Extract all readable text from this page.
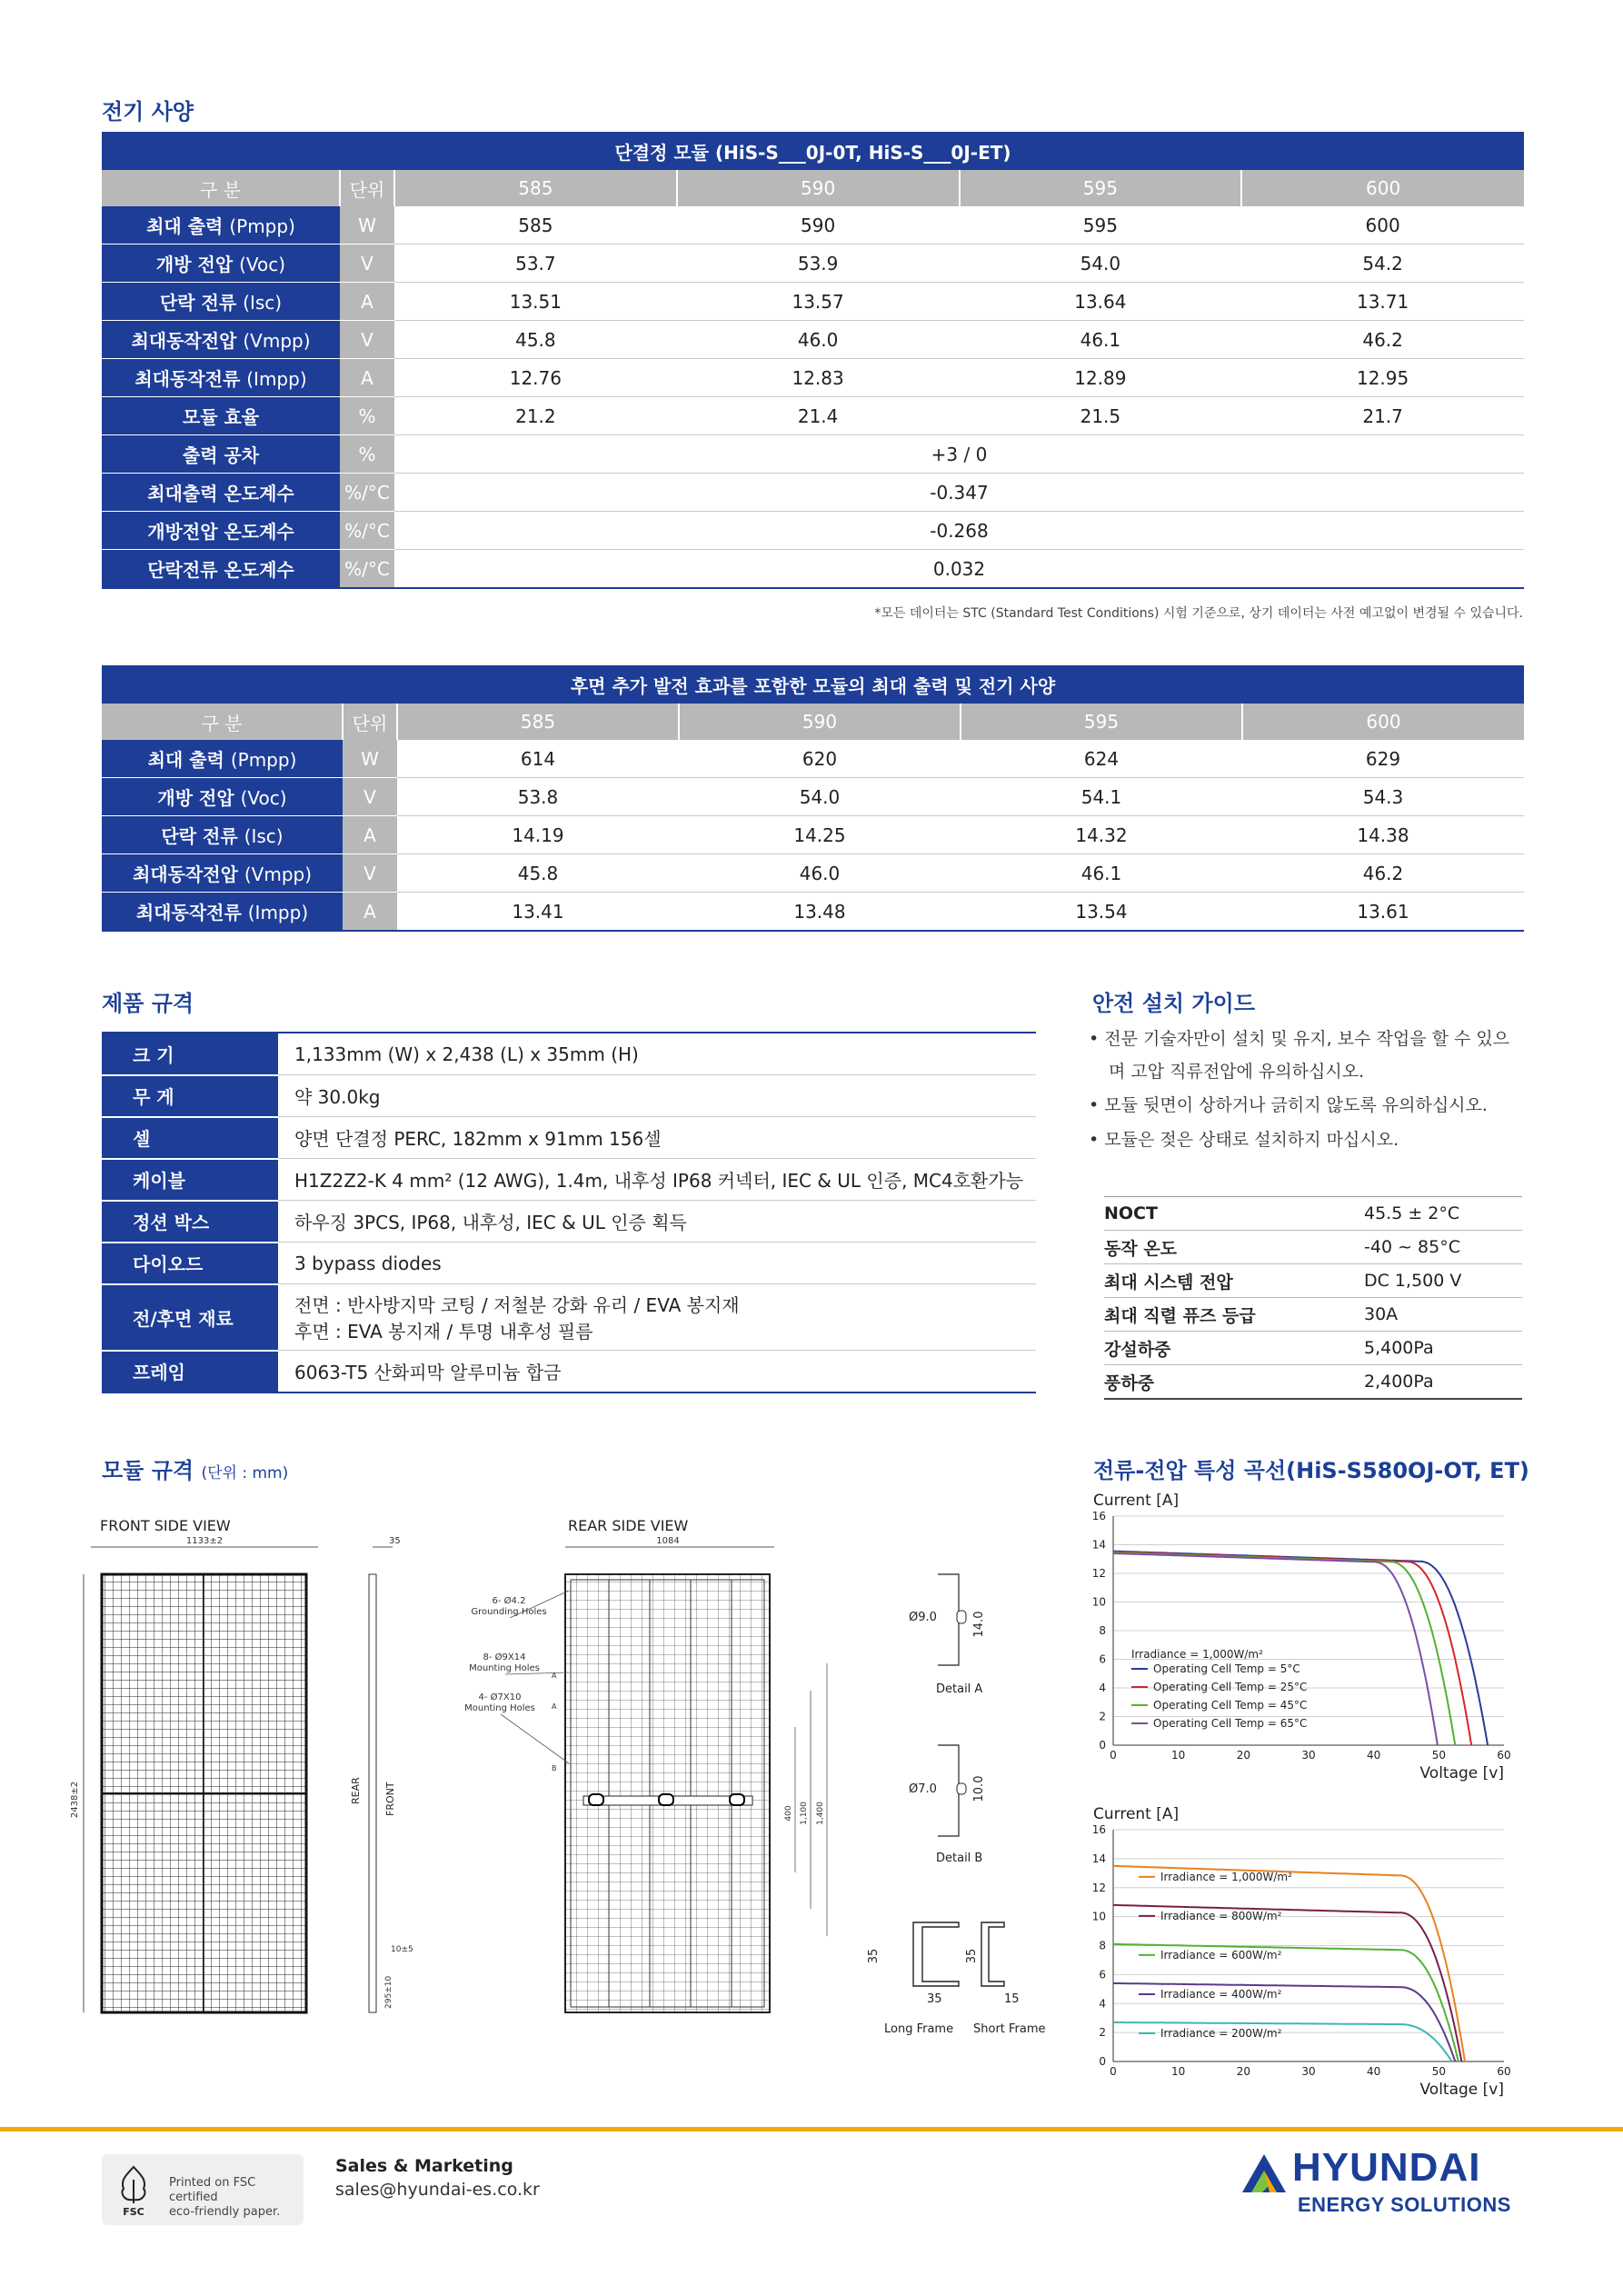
전기 사양
단결정 모듈 (HiS-S___0J-0T, HiS-S___0J-ET)					
구 분	단위	585	590	595	600
최대 출력 (Pmpp)	W	585	590	595	600
개방 전압 (Voc)	V	53.7	53.9	54.0	54.2
단락 전류 (Isc)	A	13.51	13.57	13.64	13.71
최대동작전압 (Vmpp)	V	45.8	46.0	46.1	46.2
최대동작전류 (Impp)	A	12.76	12.83	12.89	12.95
모듈 효율	%	21.2	21.4	21.5	21.7
출력 공차	%	+3 / 0			
최대출력 온도계수	%/°C	-0.347			
개방전압 온도계수	%/°C	-0.268			
단락전류 온도계수	%/°C	0.032			
*모든 데이터는 STC (Standard Test Conditions) 시험 기준으로, 상기 데이터는 사전 예고없이 변경될 수 있습니다.
후면 추가 발전 효과를 포함한 모듈의 최대 출력 및 전기 사양					
구 분	단위	585	590	595	600
최대 출력 (Pmpp)	W	614	620	624	629
개방 전압 (Voc)	V	53.8	54.0	54.1	54.3
단락 전류 (Isc)	A	14.19	14.25	14.32	14.38
최대동작전압 (Vmpp)	V	45.8	46.0	46.1	46.2
최대동작전류 (Impp)	A	13.41	13.48	13.54	13.61
제품 규격
크 기	1,133mm (W) x 2,438 (L) x 35mm (H)

무 게	약 30.0kg

셀	양면 단결정 PERC, 182mm x 91mm 156셀

케이블	H1Z2Z2-K 4 mm² (12 AWG), 1.4m, 내후성 IP68 커넥터, IEC & UL 인증, MC4호환가능

정션 박스	하우징 3PCS, IP68, 내후성, IEC & UL 인증 획득

다이오드	3 bypass diodes

전/후면 재료	전면 : 반사방지막 코팅 / 저철분 강화 유리 / EVA 봉지재
후면 : EVA 봉지재 / 투명 내후성 필름

프레임	6063-T5 산화피막 알루미늄 합금
안전 설치 가이드
• 전문 기술자만이 설치 및 유지, 보수 작업을 할 수 있으며 고압 직류전압에 유의하십시오.
• 모듈 뒷면이 상하거나 긁히지 않도록 유의하십시오.
• 모듈은 젖은 상태로 설치하지 마십시오.
NOCT	45.5 ± 2°C
동작 온도	-40 ~ 85°C
최대 시스템 전압	DC 1,500 V
최대 직렬 퓨즈 등급	30A
강설하중	5,400Pa
풍하중	2,400Pa
모듈 규격 (단위 : mm)
FRONT SIDE VIEW
1133±2
2438±2
35
REAR FRONT
10±5
295±10
REAR SIDE VIEW
1084
6- Ø4.2
Grounding Holes
8- Ø9X14
Mounting Holes
4- Ø7X10
Mounting Holes
A
A
B
400 1,100 1,400
Ø9.0	14.0
Detail A
Ø7.0	10.0
Detail B
35	35
35	15
Long Frame Short Frame
전류-전압 특성 곡선(HiS-S580OJ-OT, ET)
Current [A]
0
2
4
6
8
10
12
14
16
0	10	20	30	40	50	60
Voltage [v]
Irradiance = 1,000W/m²
Operating Cell Temp = 5°C
Operating Cell Temp = 25°C
Operating Cell Temp = 45°C
Operating Cell Temp = 65°C
Current [A]
0
2
4
6
8
10
12
14
16
0	10	20	30	40	50	60
Voltage [v]
Irradiance = 1,000W/m²
Irradiance = 800W/m²
Irradiance = 600W/m²
Irradiance = 400W/m²
Irradiance = 200W/m²
FSC
Printed on FSC certified
eco-friendly paper.
Sales & Marketing
sales@hyundai-es.co.kr	HYUNDAI
ENERGY SOLUTIONS
